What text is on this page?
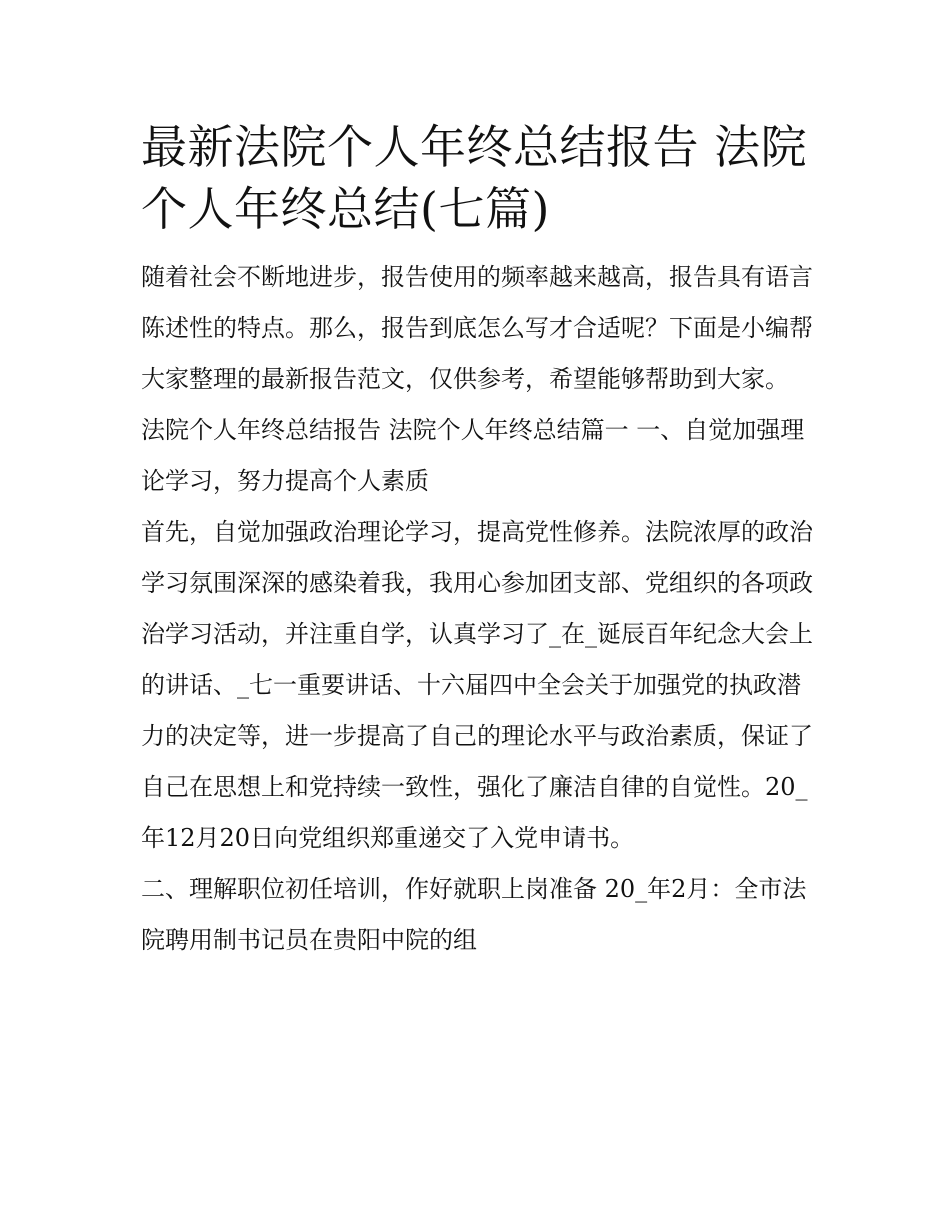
最新法院个人年终总结报告 法院个人年终总结(七篇)

随着社会不断地进步，报告使用的频率越来越高，报告具有语言陈述性的特点。那么，报告到底怎么写才合适呢？下面是小编帮大家整理的最新报告范文，仅供参考，希望能够帮助到大家。

法院个人年终总结报告 法院个人年终总结篇一 一、自觉加强理论学习，努力提高个人素质

首先，自觉加强政治理论学习，提高党性修养。法院浓厚的政治学习氛围深深的感染着我，我用心参加团支部、党组织的各项政治学习活动，并注重自学，认真学习了_在_诞辰百年纪念大会上的讲话、_七一重要讲话、十六届四中全会关于加强党的执政潜力的决定等，进一步提高了自己的理论水平与政治素质，保证了自己在思想上和党持续一致性，强化了廉洁自律的自觉性。20_年12月20日向党组织郑重递交了入党申请书。

二、理解职位初任培训，作好就职上岗准备 20_年2月：全市法院聘用制书记员在贵阳中院的组
